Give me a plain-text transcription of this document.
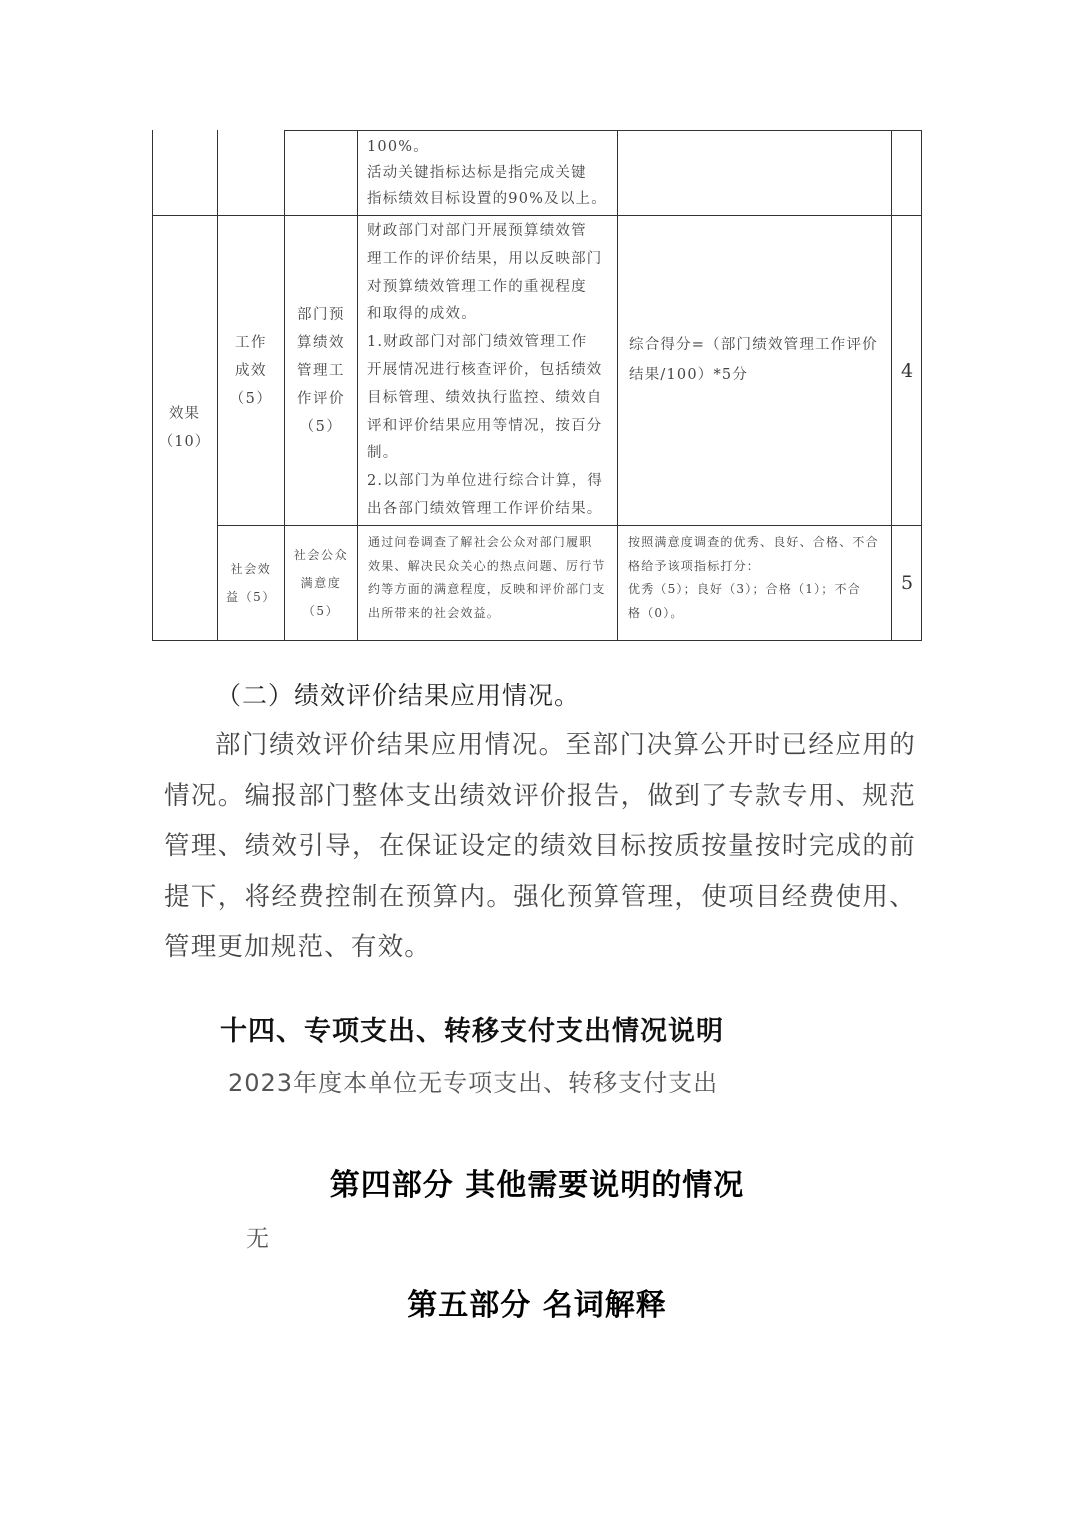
100%。
活动关键指标达标是指完成关键
指标绩效目标设置的90%及以上。
效果
（10）
工作
成效
（5）
部门预
算绩效
管理工
作评价
（5）
财政部门对部门开展预算绩效管
理工作的评价结果，用以反映部门
对预算绩效管理工作的重视程度
和取得的成效。
1.财政部门对部门绩效管理工作
开展情况进行核查评价，包括绩效
目标管理、绩效执行监控、绩效自
评和评价结果应用等情况，按百分
制。
2.以部门为单位进行综合计算，得
出各部门绩效管理工作评价结果。
综合得分=（部门绩效管理工作评价
结果/100）*5分	4
社会效
益（5）
社会公众
满意度
（5）
通过问卷调查了解社会公众对部门履职
效果、解决民众关心的热点问题、厉行节
约等方面的满意程度，反映和评价部门支
出所带来的社会效益。
按照满意度调查的优秀、良好、合格、不合
格给予该项指标打分：
优秀（5）；良好（3）；合格（1）；不合
格（0）。
5
（二）绩效评价结果应用情况。
部门绩效评价结果应用情况。至部门决算公开时已经应用的情况。编报部门整体支出绩效评价报告，做到了专款专用、规范管理、绩效引导，在保证设定的绩效目标按质按量按时完成的前提下，将经费控制在预算内。强化预算管理，使项目经费使用、管理更加规范、有效。
十四、专项支出、转移支付支出情况说明
2023年度本单位无专项支出、转移支付支出
第四部分 其他需要说明的情况
无
第五部分 名词解释
